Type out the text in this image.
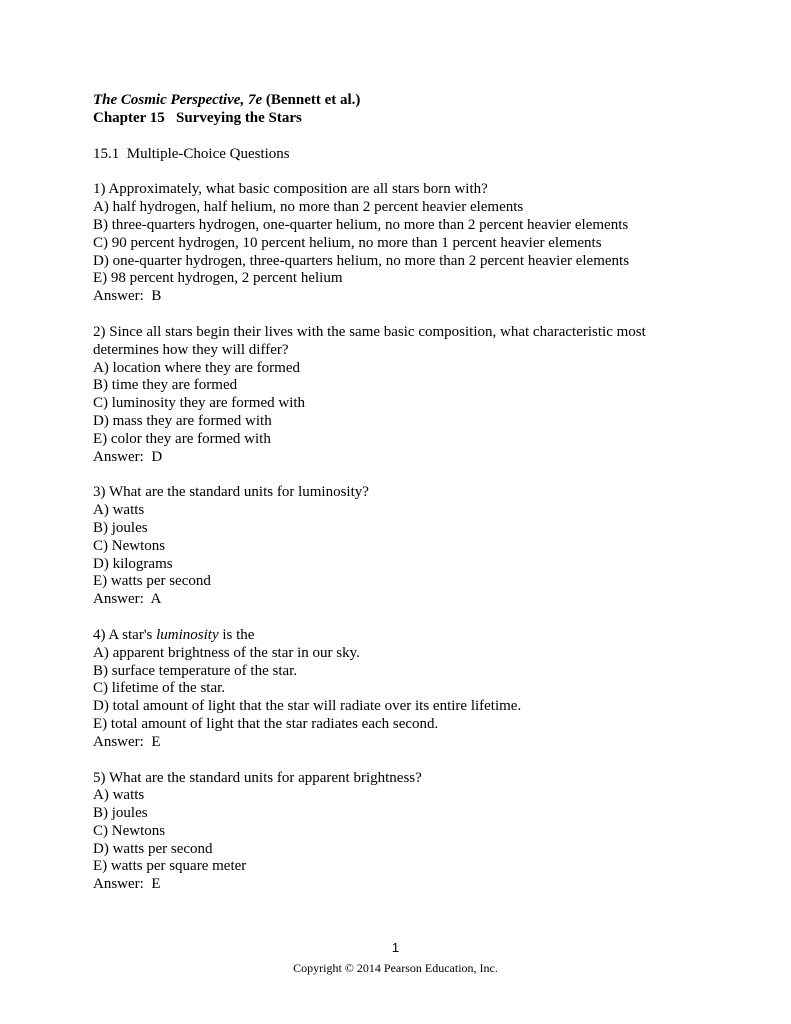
The Cosmic Perspective, 7e (Bennett et al.)
Chapter 15   Surveying the Stars
15.1  Multiple-Choice Questions
1) Approximately, what basic composition are all stars born with?
A) half hydrogen, half helium, no more than 2 percent heavier elements
B) three-quarters hydrogen, one-quarter helium, no more than 2 percent heavier elements
C) 90 percent hydrogen, 10 percent helium, no more than 1 percent heavier elements
D) one-quarter hydrogen, three-quarters helium, no more than 2 percent heavier elements
E) 98 percent hydrogen, 2 percent helium
Answer:  B
2) Since all stars begin their lives with the same basic composition, what characteristic most
determines how they will differ?
A) location where they are formed
B) time they are formed
C) luminosity they are formed with
D) mass they are formed with
E) color they are formed with
Answer:  D
3) What are the standard units for luminosity?
A) watts
B) joules
C) Newtons
D) kilograms
E) watts per second
Answer:  A
4) A star's luminosity is the
A) apparent brightness of the star in our sky.
B) surface temperature of the star.
C) lifetime of the star.
D) total amount of light that the star will radiate over its entire lifetime.
E) total amount of light that the star radiates each second.
Answer:  E
5) What are the standard units for apparent brightness?
A) watts
B) joules
C) Newtons
D) watts per second
E) watts per square meter
Answer:  E
1
Copyright © 2014 Pearson Education, Inc.
